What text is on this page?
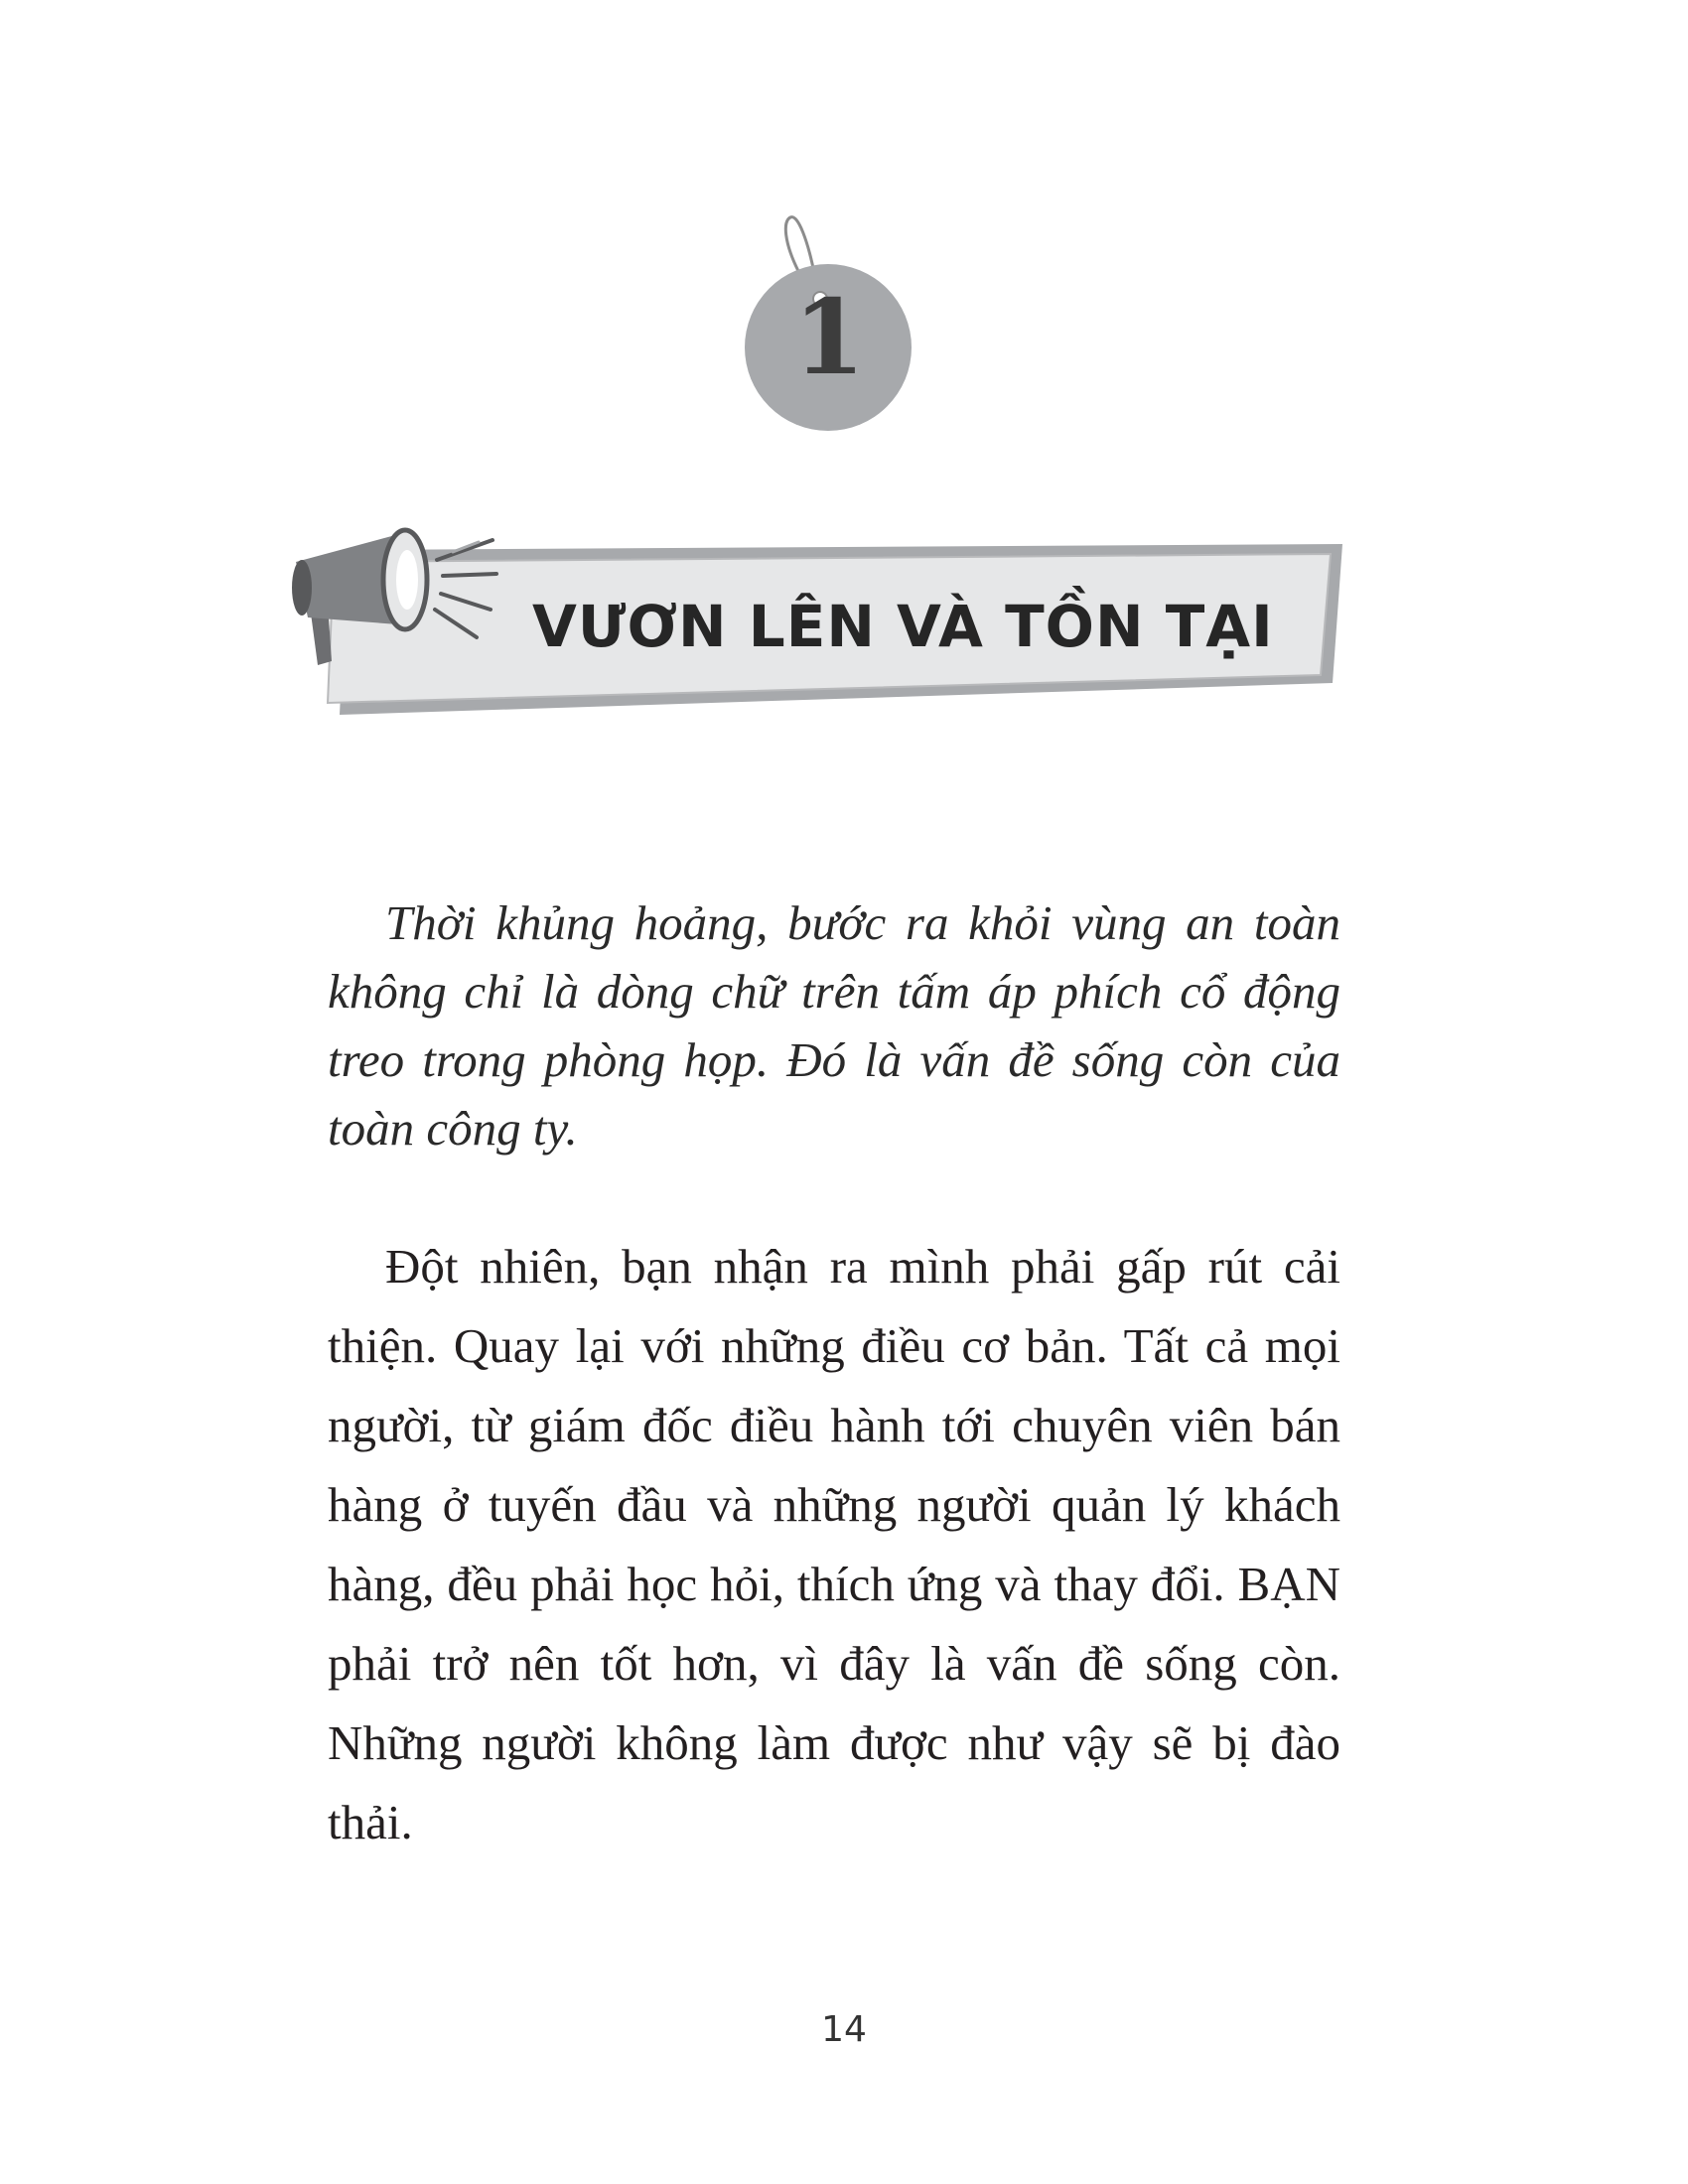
1
VƯƠN LÊN VÀ TỒN TẠI

Thời khủng hoảng, bước ra khỏi vùng an toàn không chỉ là dòng chữ trên tấm áp phích cổ động treo trong phòng họp. Đó là vấn đề sống còn của toàn công ty.

Đột nhiên, bạn nhận ra mình phải gấp rút cải thiện. Quay lại với những điều cơ bản. Tất cả mọi người, từ giám đốc điều hành tới chuyên viên bán hàng ở tuyến đầu và những người quản lý khách hàng, đều phải học hỏi, thích ứng và thay đổi. BẠN phải trở nên tốt hơn, vì đây là vấn đề sống còn. Những người không làm được như vậy sẽ bị đào thải.

14
